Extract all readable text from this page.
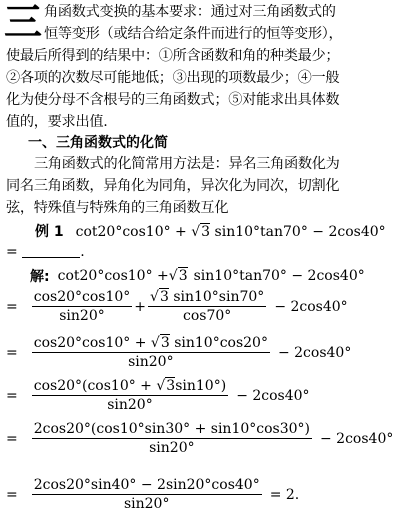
三 角函数式变换的基本要求：通过对三角函数式的
恒等变形（或结合给定条件而进行的恒等变形），
使最后所得到的结果中：①所含函数和角的种类最少；
②各项的次数尽可能地低；③出现的项数最少；④一般
化为使分母不含根号的三角函数式；⑤对能求出具体数
值的，要求出值.
一、三角函数式的化简
三角函数式的化简常用方法是：异名三角函数化为
同名三角函数，异角化为同角，异次化为同次，切割化
弦，特殊值与特殊角的三角函数互化
例 1 cot20°cos10° + √3 sin10°tan70° − 2cos40°
=	.
解: cot20°cos10° + √3 sin10°tan70° − 2cos40°
= $\frac{\cos 20^\circ\cos 10^\circ}{\sin 20^\circ} + \frac{√3 \sin 10^\circ\sin 70^\circ}{\cos 70^\circ} - 2\cos 40^\circ$
= $\frac{\cos 20^\circ\cos 10^\circ + √3 \sin 10^\circ\cos 20^\circ}{\sin 20^\circ} - 2\cos 40^\circ$
= $\frac{\cos 20^\circ(\cos 10^\circ + √3\sin 10^\circ)}{\sin 20^\circ} - 2\cos 40^\circ$
= $\frac{2\cos 20^\circ(\cos 10^\circ\sin 30^\circ + \sin 10^\circ\cos 30^\circ)}{\sin 20^\circ} - 2\cos 40^\circ$
= $\frac{2\cos 20^\circ\sin 40^\circ - 2\sin 20^\circ\cos 40^\circ}{\sin 20^\circ} = 2$.
